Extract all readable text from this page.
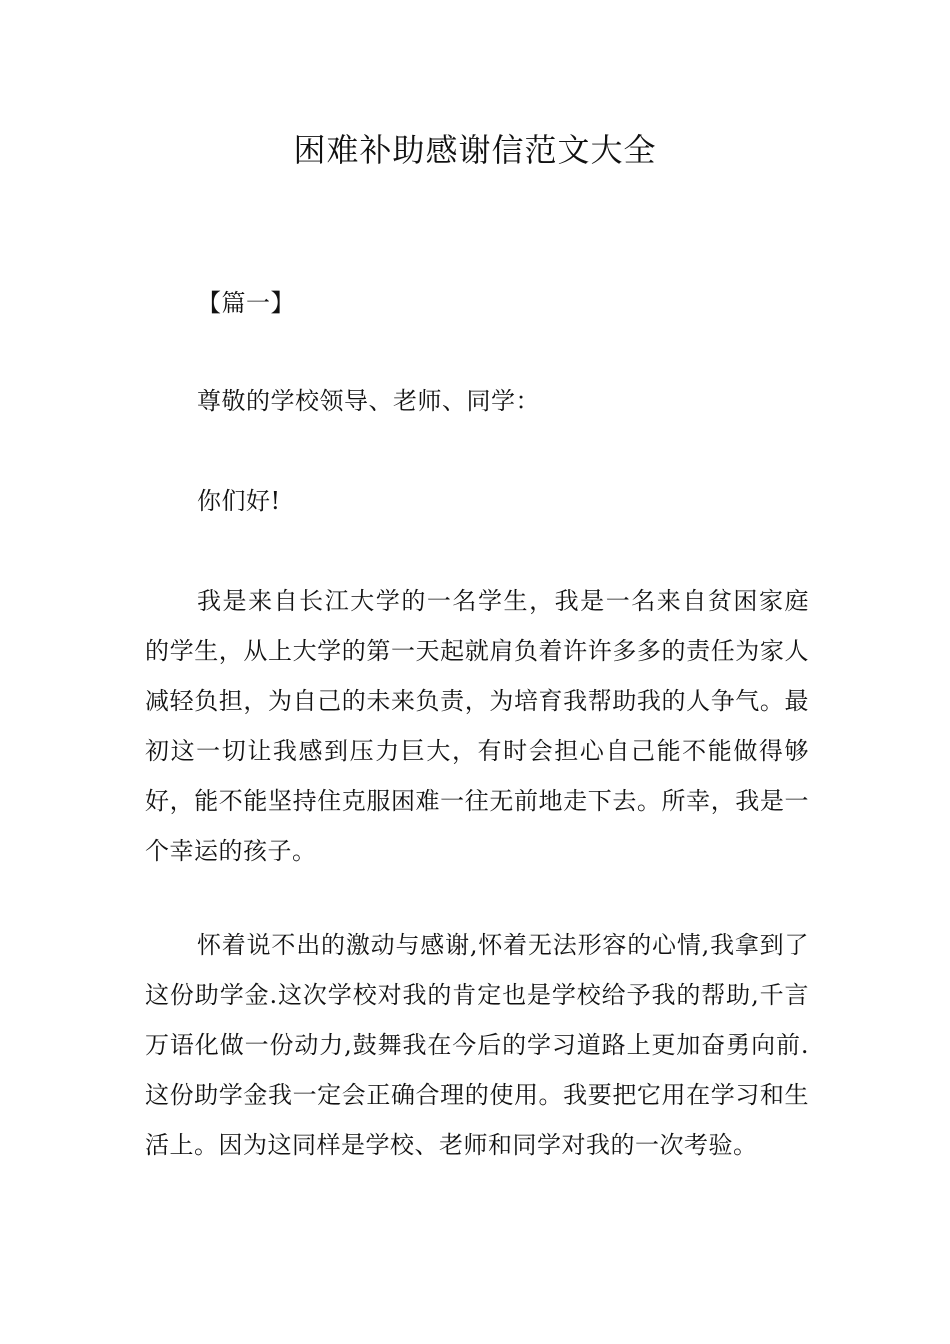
困难补助感谢信范文大全
【篇一】
尊敬的学校领导、老师、同学：
你们好!
我是来自长江大学的一名学生，我是一名来自贫困家庭的学生，从上大学的第一天起就肩负着许许多多的责任为家人减轻负担，为自己的未来负责，为培育我帮助我的人争气。最初这一切让我感到压力巨大，有时会担心自己能不能做得够好，能不能坚持住克服困难一往无前地走下去。所幸，我是一个幸运的孩子。
怀着说不出的激动与感谢,怀着无法形容的心情,我拿到了这份助学金.这次学校对我的肯定也是学校给予我的帮助,千言万语化做一份动力,鼓舞我在今后的学习道路上更加奋勇向前.这份助学金我一定会正确合理的使用。我要把它用在学习和生活上。因为这同样是学校、老师和同学对我的一次考验。
